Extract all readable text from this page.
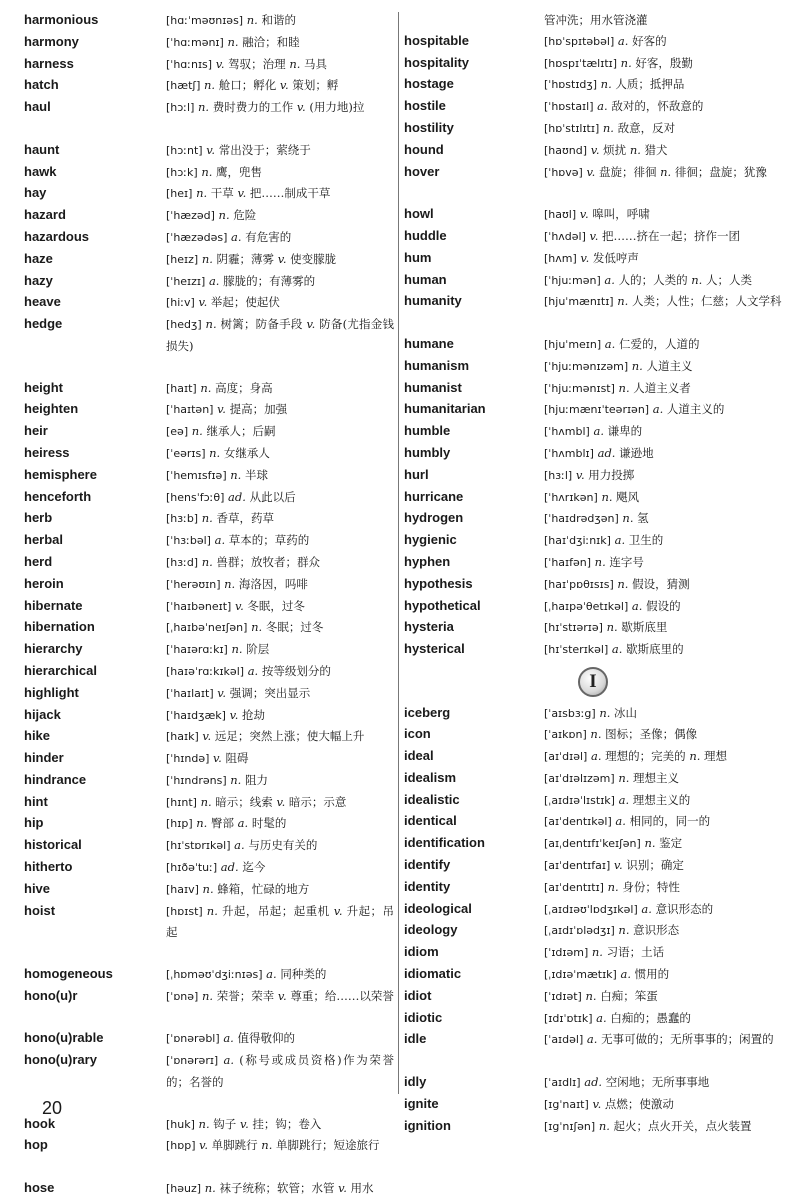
harmonious	[hɑːˈməʊnɪəs] n. 和谐的
harmony	[ˈhɑːmənɪ] n. 融洽；和睦
harness	[ˈhɑːnɪs] v. 驾驭；治理 n. 马具
hatch	[hætʃ] n. 舱口；孵化 v. 策划；孵
haul	[hɔːl] n. 费时费力的工作 v. (用力地)拉
haunt	[hɔːnt] v. 常出没于；萦绕于
hawk	[hɔːk] n. 鹰，兜售
hay	[heɪ] n. 干草 v. 把……制成干草
hazard	[ˈhæzəd] n. 危险
hazardous	[ˈhæzədəs] a. 有危害的
haze	[heɪz] n. 阴霾；薄雾 v. 使变朦胧
hazy	[ˈheɪzɪ] a. 朦胧的；有薄雾的
heave	[hiːv] v. 举起；使起伏
hedge	[hedʒ] n. 树篱；防备手段 v. 防备(尤指金钱损失)
height	[haɪt] n. 高度；身高
heighten	[ˈhaɪtən] v. 提高；加强
heir	[eə] n. 继承人；后嗣
heiress	[ˈeərɪs] n. 女继承人
hemisphere	[ˈhemɪsfɪə] n. 半球
henceforth	[hensˈfɔːθ] ad. 从此以后
herb	[hɜːb] n. 香草，药草
herbal	[ˈhɜːbəl] a. 草本的；草药的
herd	[hɜːd] n. 兽群；放牧者；群众
heroin	[ˈherəʊɪn] n. 海洛因，吗啡
hibernate	[ˈhaɪbəneɪt] v. 冬眠，过冬
hibernation	[ˌhaɪbəˈneɪʃən] n. 冬眠；过冬
hierarchy	[ˈhaɪərɑːkɪ] n. 阶层
hierarchical	[haɪəˈrɑːkɪkəl] a. 按等级划分的
highlight	[ˈhaɪlaɪt] v. 强调；突出显示
hijack	[ˈhaɪdʒæk] v. 抢劫
hike	[haɪk] v. 远足；突然上涨；使大幅上升
hinder	[ˈhɪndə] v. 阻碍
hindrance	[ˈhɪndrəns] n. 阻力
hint	[hɪnt] n. 暗示；线索 v. 暗示；示意
hip	[hɪp] n. 臀部 a. 时髦的
historical	[hɪˈstɒrɪkəl] a. 与历史有关的
hitherto	[hɪðəˈtuː] ad. 迄今
hive	[haɪv] n. 蜂箱，忙碌的地方
hoist	[hɒɪst] n. 升起，吊起；起重机 v. 升起；吊起
homogeneous	[ˌhɒməʊˈdʒiːnɪəs] a. 同种类的
hono(u)r	[ˈɒnə] n. 荣誉；荣幸 v. 尊重；给……以荣誉
hono(u)rable	[ˈɒnərəbl] a. 值得敬仰的
hono(u)rary	[ˈɒnərərɪ] a. (称号或成员资格)作为荣誉的；名誉的
hook	[huk] n. 钩子 v. 挂；钩；卷入
hop	[hɒp] v. 单脚跳行 n. 单脚跳行；短途旅行
hose	[həuz] n. 袜子统称；软管；水管 v. 用水
管冲洗；用水管浇灌
hospitable	[hɒˈspɪtəbəl] a. 好客的
hospitality	[hɒspɪˈtælɪtɪ] n. 好客，殷勤
hostage	[ˈhɒstɪdʒ] n. 人质；抵押品
hostile	[ˈhɒstaɪl] a. 敌对的，怀敌意的
hostility	[hɒˈstɪlɪtɪ] n. 敌意，反对
hound	[haʊnd] v. 烦扰 n. 猎犬
hover	[ˈhɒvə] v. 盘旋；徘徊 n. 徘徊；盘旋；犹豫
howl	[haʊl] v. 嗥叫，呼啸
huddle	[ˈhʌdəl] v. 把……挤在一起；挤作一团
hum	[hʌm] v. 发低哼声
human	[ˈhjuːmən] a. 人的；人类的 n. 人；人类
humanity	[hjuˈmænɪtɪ] n. 人类；人性；仁慈；人文学科
humane	[hjuˈmeɪn] a. 仁爱的，人道的
humanism	[ˈhjuːmənɪzəm] n. 人道主义
humanist	[ˈhjuːmənɪst] n. 人道主义者
humanitarian	[hjuːmænɪˈteərɪən] a. 人道主义的
humble	[ˈhʌmbl] a. 谦卑的
humbly	[ˈhʌmblɪ] ad. 谦逊地
hurl	[hɜːl] v. 用力投掷
hurricane	[ˈhʌrɪkən] n. 飓风
hydrogen	[ˈhaɪdrədʒən] n. 氢
hygienic	[haɪˈdʒiːnɪk] a. 卫生的
hyphen	[ˈhaɪfən] n. 连字号
hypothesis	[haɪˈpɒθɪsɪs] n. 假设，猜测
hypothetical	[ˌhaɪpəˈθetɪkəl] a. 假设的
hysteria	[hɪˈstɪərɪə] n. 歇斯底里
hysterical	[hɪˈsterɪkəl] a. 歇斯底里的
I
iceberg	[ˈaɪsbɜːg] n. 冰山
icon	[ˈaɪkɒn] n. 图标；圣像；偶像
ideal	[aɪˈdɪəl] a. 理想的；完美的 n. 理想
idealism	[aɪˈdɪəlɪzəm] n. 理想主义
idealistic	[ˌaɪdɪəˈlɪstɪk] a. 理想主义的
identical	[aɪˈdentɪkəl] a. 相同的，同一的
identification	[aɪˌdentɪfɪˈkeɪʃən] n. 鉴定
identify	[aɪˈdentɪfaɪ] v. 识别；确定
identity	[aɪˈdentɪtɪ] n. 身份；特性
ideological	[ˌaɪdɪəʊˈlɒdʒɪkəl] a. 意识形态的
ideology	[ˌaɪdɪˈɒlədʒɪ] n. 意识形态
idiom	[ˈɪdɪəm] n. 习语；土话
idiomatic	[ˌɪdɪəˈmætɪk] a. 惯用的
idiot	[ˈɪdɪət] n. 白痴；笨蛋
idiotic	[ɪdɪˈɒtɪk] a. 白痴的；愚蠢的
idle	[ˈaɪdəl] a. 无事可做的；无所事事的；闲置的
idly	[ˈaɪdlɪ] ad. 空闲地；无所事事地
ignite	[ɪgˈnaɪt] v. 点燃；使激动
ignition	[ɪgˈnɪʃən] n. 起火；点火开关，点火装置
20
